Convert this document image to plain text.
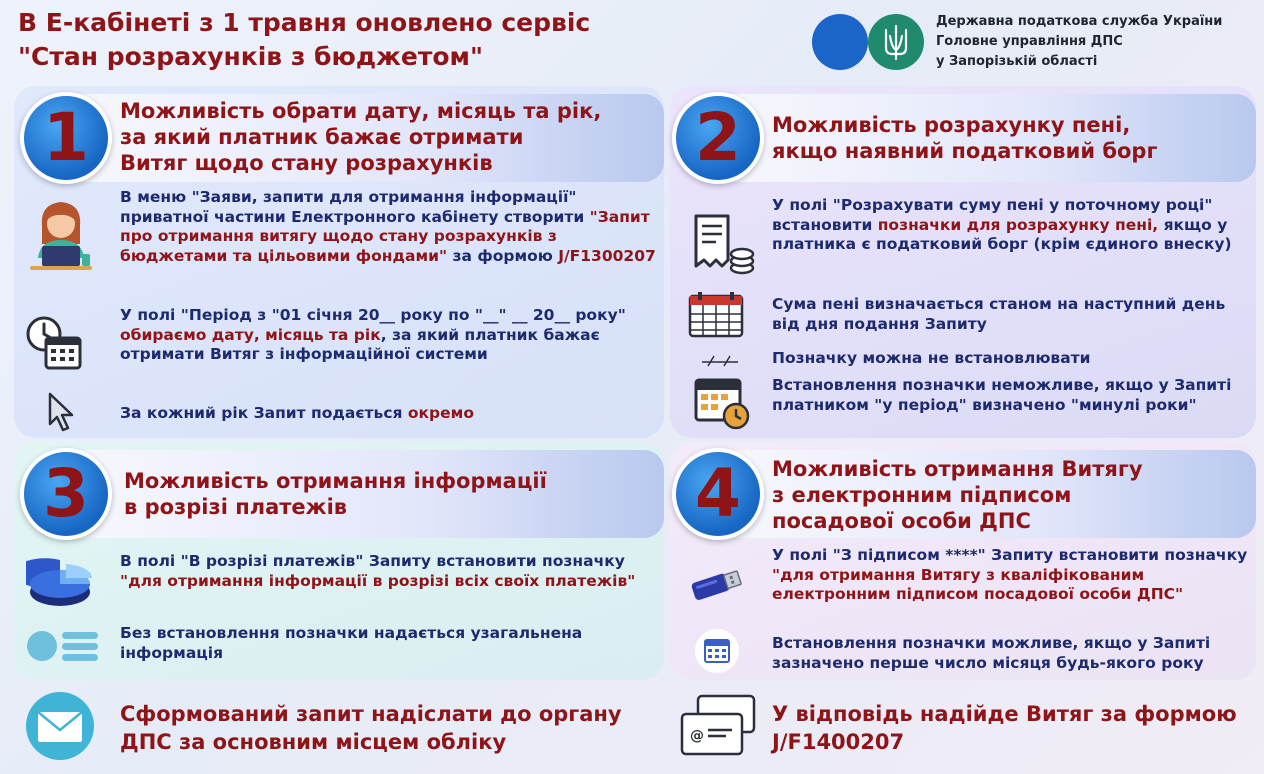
В Е-кабінеті з 1 травня оновлено сервіс
"Стан розрахунків з бюджетом"
Державна податкова служба України
Головне управління ДПС
у Запорізькій області
1 Можливість обрати дату, місяць та рік,
за який платник бажає отримати
Витяг щодо стану розрахунків
В меню "Заяви, запити для отримання інформації" приватної частини Електронного кабінету створити "Запит про отримання витягу щодо стану розрахунків з бюджетами та цільовими фондами" за формою J/F1300207
У полі "Період з "01 січня 20__ року по "__" __ 20__ року" обираємо дату, місяць та рік, за який платник бажає отримати Витяг з інформаційної системи
За кожний рік Запит подається окремо
2 Можливість розрахунку пені,
якщо наявний податковий борг
У полі "Розрахувати суму пені у поточному році" встановити позначки для розрахунку пені, якщо у платника є податковий борг (крім єдиного внеску)
Сума пені визначається станом на наступний день від дня подання Запиту
Позначку можна не встановлювати
Встановлення позначки неможливе, якщо у Запиті платником "у період" визначено "минулі роки"
3 Можливість отримання інформації
в розрізі платежів
В полі "В розрізі платежів" Запиту встановити позначку "для отримання інформації в розрізі всіх своїх платежів"
Без встановлення позначки надається узагальнена інформація
4 Можливість отримання Витягу
з електронним підписом
посадової особи ДПС
У полі "З підписом ****" Запиту встановити позначку "для отримання Витягу з кваліфікованим електронним підписом посадової особи ДПС"
Встановлення позначки можливе, якщо у Запиті зазначено перше число місяця будь-якого року
Сформований запит надіслати до органу ДПС за основним місцем обліку	@
У відповідь надійде Витяг за формою J/F1400207
